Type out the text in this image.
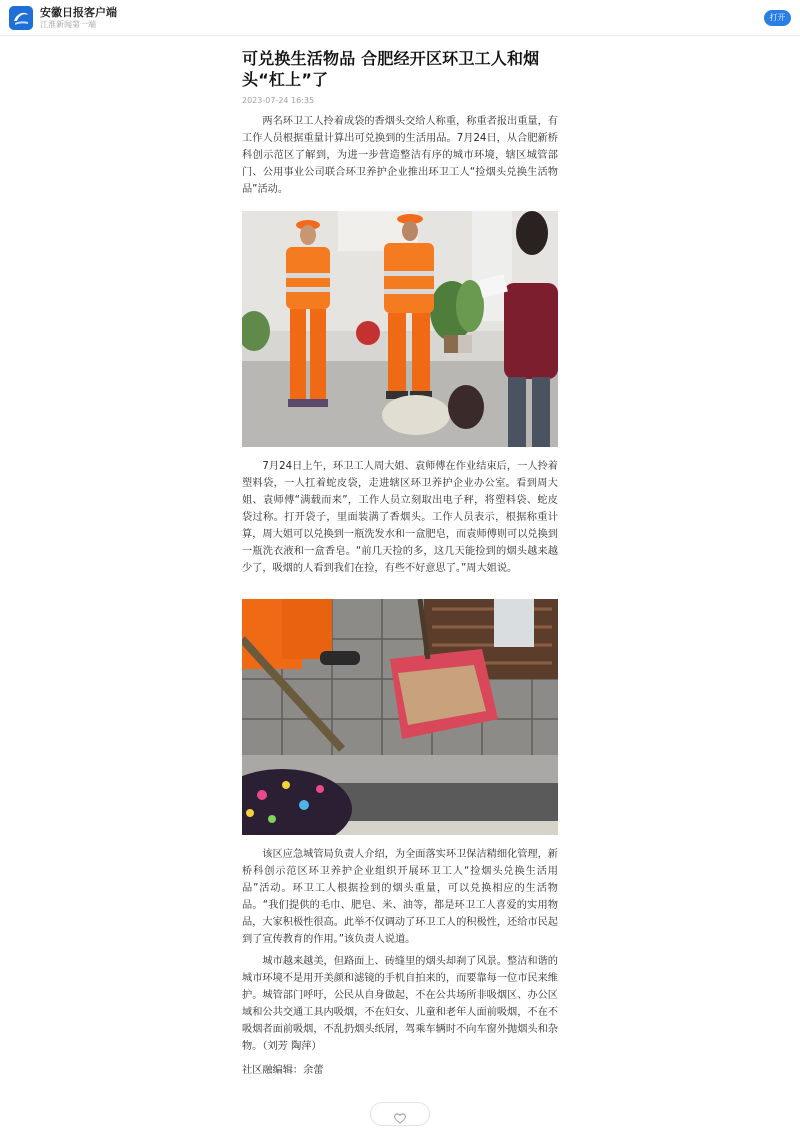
安徽日报客户端
江淮新闻第一端
打开
可兑换生活物品 合肥经开区环卫工人和烟头“杠上”了
2023-07-24 16:35

两名环卫工人拎着成袋的香烟头交给人称重，称重者报出重量，有工作人员根据重量计算出可兑换到的生活用品。7月24日，从合肥新桥科创示范区了解到，为进一步营造整洁有序的城市环境，辖区城管部门、公用事业公司联合环卫养护企业推出环卫工人“捡烟头兑换生活物品”活动。

7月24日上午，环卫工人周大姐、袁师傅在作业结束后，一人拎着塑料袋，一人扛着蛇皮袋，走进辖区环卫养护企业办公室。看到周大姐、袁师傅“满载而来”，工作人员立刻取出电子秤，将塑料袋、蛇皮袋过称。打开袋子，里面装满了香烟头。工作人员表示，根据称重计算，周大姐可以兑换到一瓶洗发水和一盒肥皂，而袁师傅则可以兑换到一瓶洗衣液和一盒香皂。“前几天捡的多，这几天能捡到的烟头越来越少了，吸烟的人看到我们在捡，有些不好意思了。”周大姐说。

该区应急城管局负责人介绍，为全面落实环卫保洁精细化管理，新桥科创示范区环卫养护企业组织开展环卫工人“捡烟头兑换生活用品”活动。环卫工人根据捡到的烟头重量，可以兑换相应的生活物品。“我们提供的毛巾、肥皂、米、油等，都是环卫工人喜爱的实用物品，大家积极性很高。此举不仅调动了环卫工人的积极性，还给市民起到了宣传教育的作用。”该负责人说道。

城市越来越美，但路面上、砖缝里的烟头却刹了风景。整洁和谐的城市环境不是用开美颜和滤镜的手机自拍来的，而要靠每一位市民来维护。城管部门呼吁，公民从自身做起，不在公共场所非吸烟区、办公区域和公共交通工具内吸烟，不在妇女、儿童和老年人面前吸烟，不在不吸烟者面前吸烟，不乱扔烟头纸屑，驾乘车辆时不向车窗外抛烟头和杂物。（刘芳 陶萍）

社区融编辑：余蕾
